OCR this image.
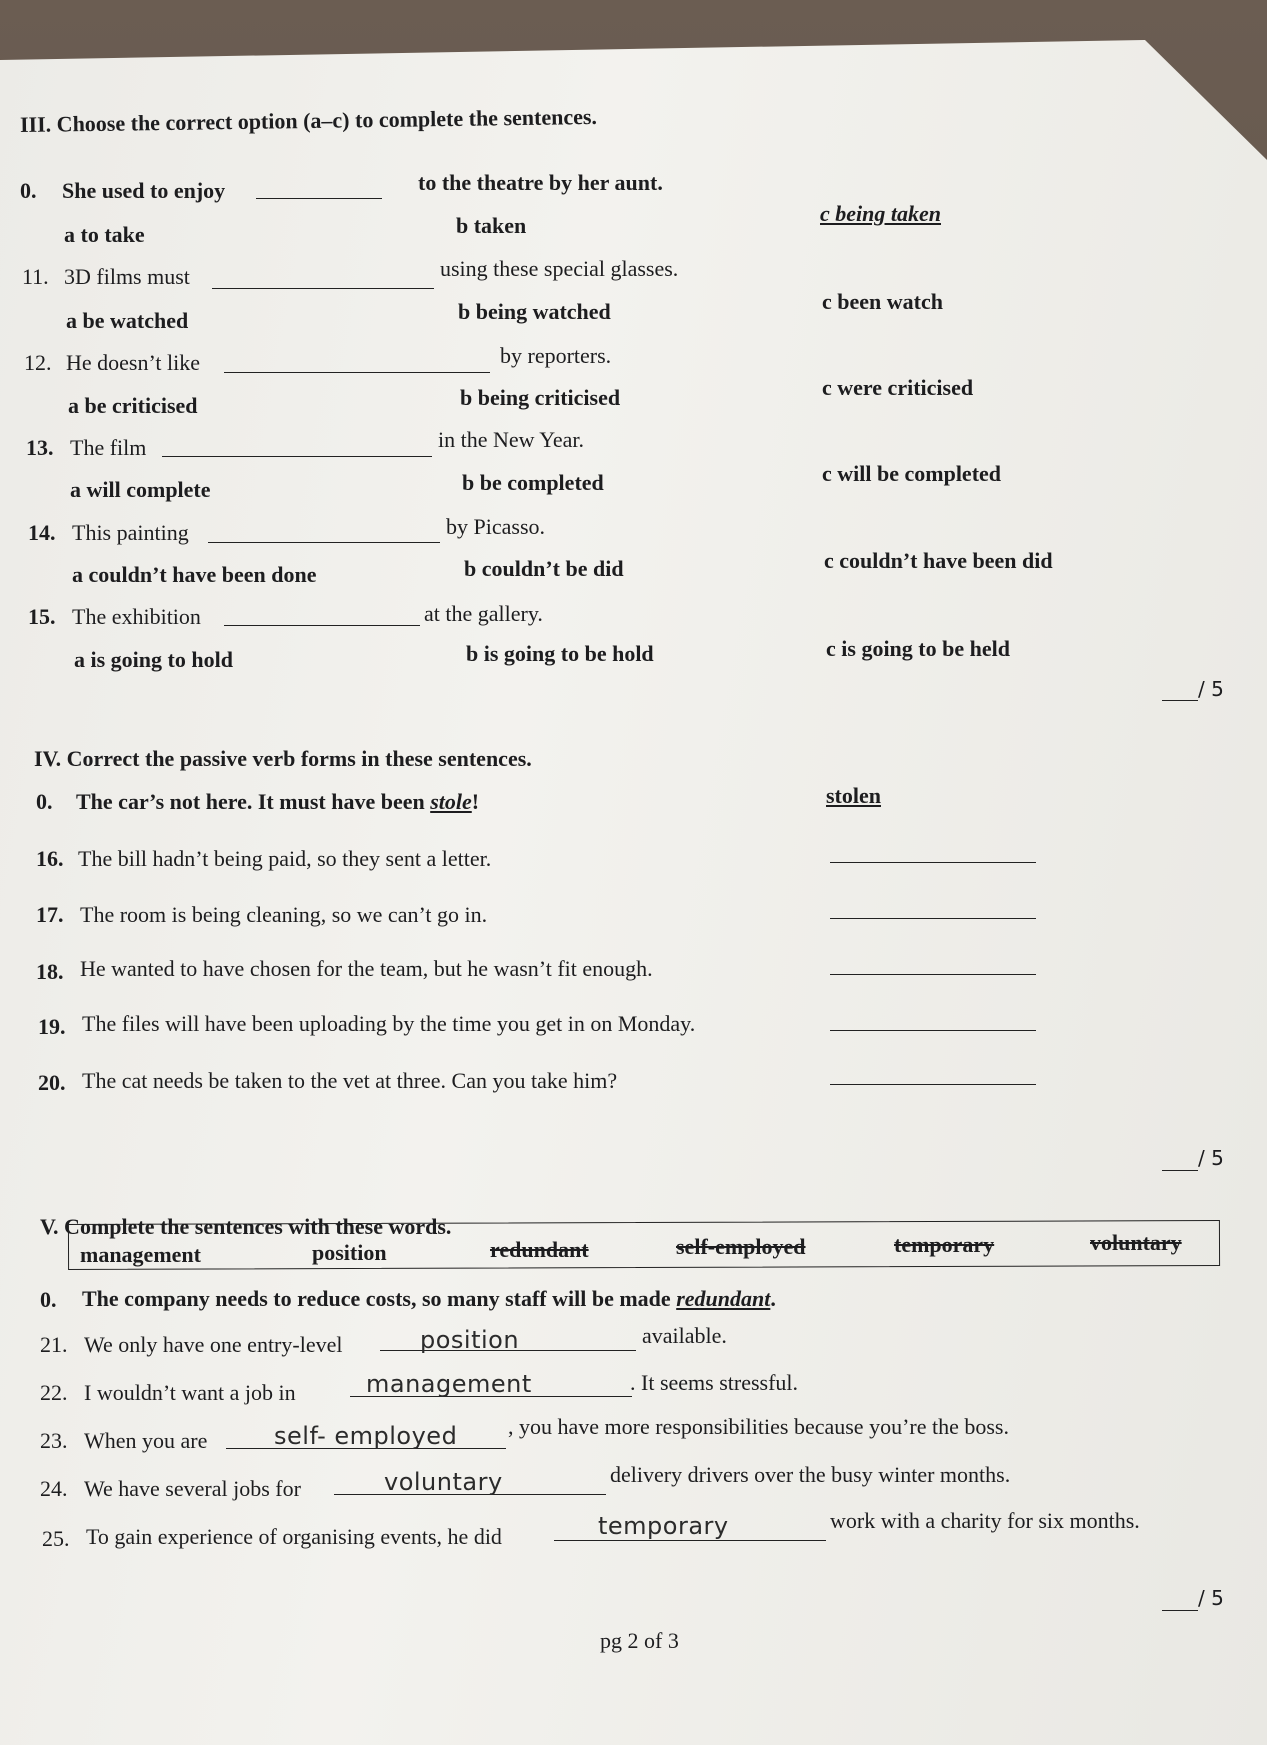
III. Choose the correct option (a–c) to complete the sentences.
0. She used to enjoy	to the theatre by her aunt.
a to take	b taken	c being taken
11. 3D films must	using these special glasses.
a be watched	b being watched	c been watch
12. He doesn’t like	by reporters.
a be criticised	b being criticised	c were criticised
13. The film	in the New Year.
a will complete	b be completed	c will be completed
14. This painting	by Picasso.
a couldn’t have been done	b couldn’t be did	c couldn’t have been did
15. The exhibition	at the gallery.
a is going to hold	b is going to be hold	c is going to be held
/ 5
IV. Correct the passive verb forms in these sentences.
0. The car’s not here. It must have been stole!	stolen
16. The bill hadn’t being paid, so they sent a letter.
17. The room is being cleaning, so we can’t go in.
18. He wanted to have chosen for the team, but he wasn’t fit enough.
19. The files will have been uploading by the time you get in on Monday.
20. The cat needs be taken to the vet at three. Can you take him?
/ 5
V. Complete the sentences with these words.
management	position	redundant	self-employed	temporary	voluntary
0. The company needs to reduce costs, so many staff will be made redundant.
21. We only have one entry-level	position	available.
22. I wouldn’t want a job in	management	. It seems stressful.
23. When you are	self- employed , you have more responsibilities because you’re the boss.
24. We have several jobs for	voluntary	delivery drivers over the busy winter months.
25. To gain experience of organising events, he did	temporary	work with a charity for six months.
/ 5
pg 2 of 3
